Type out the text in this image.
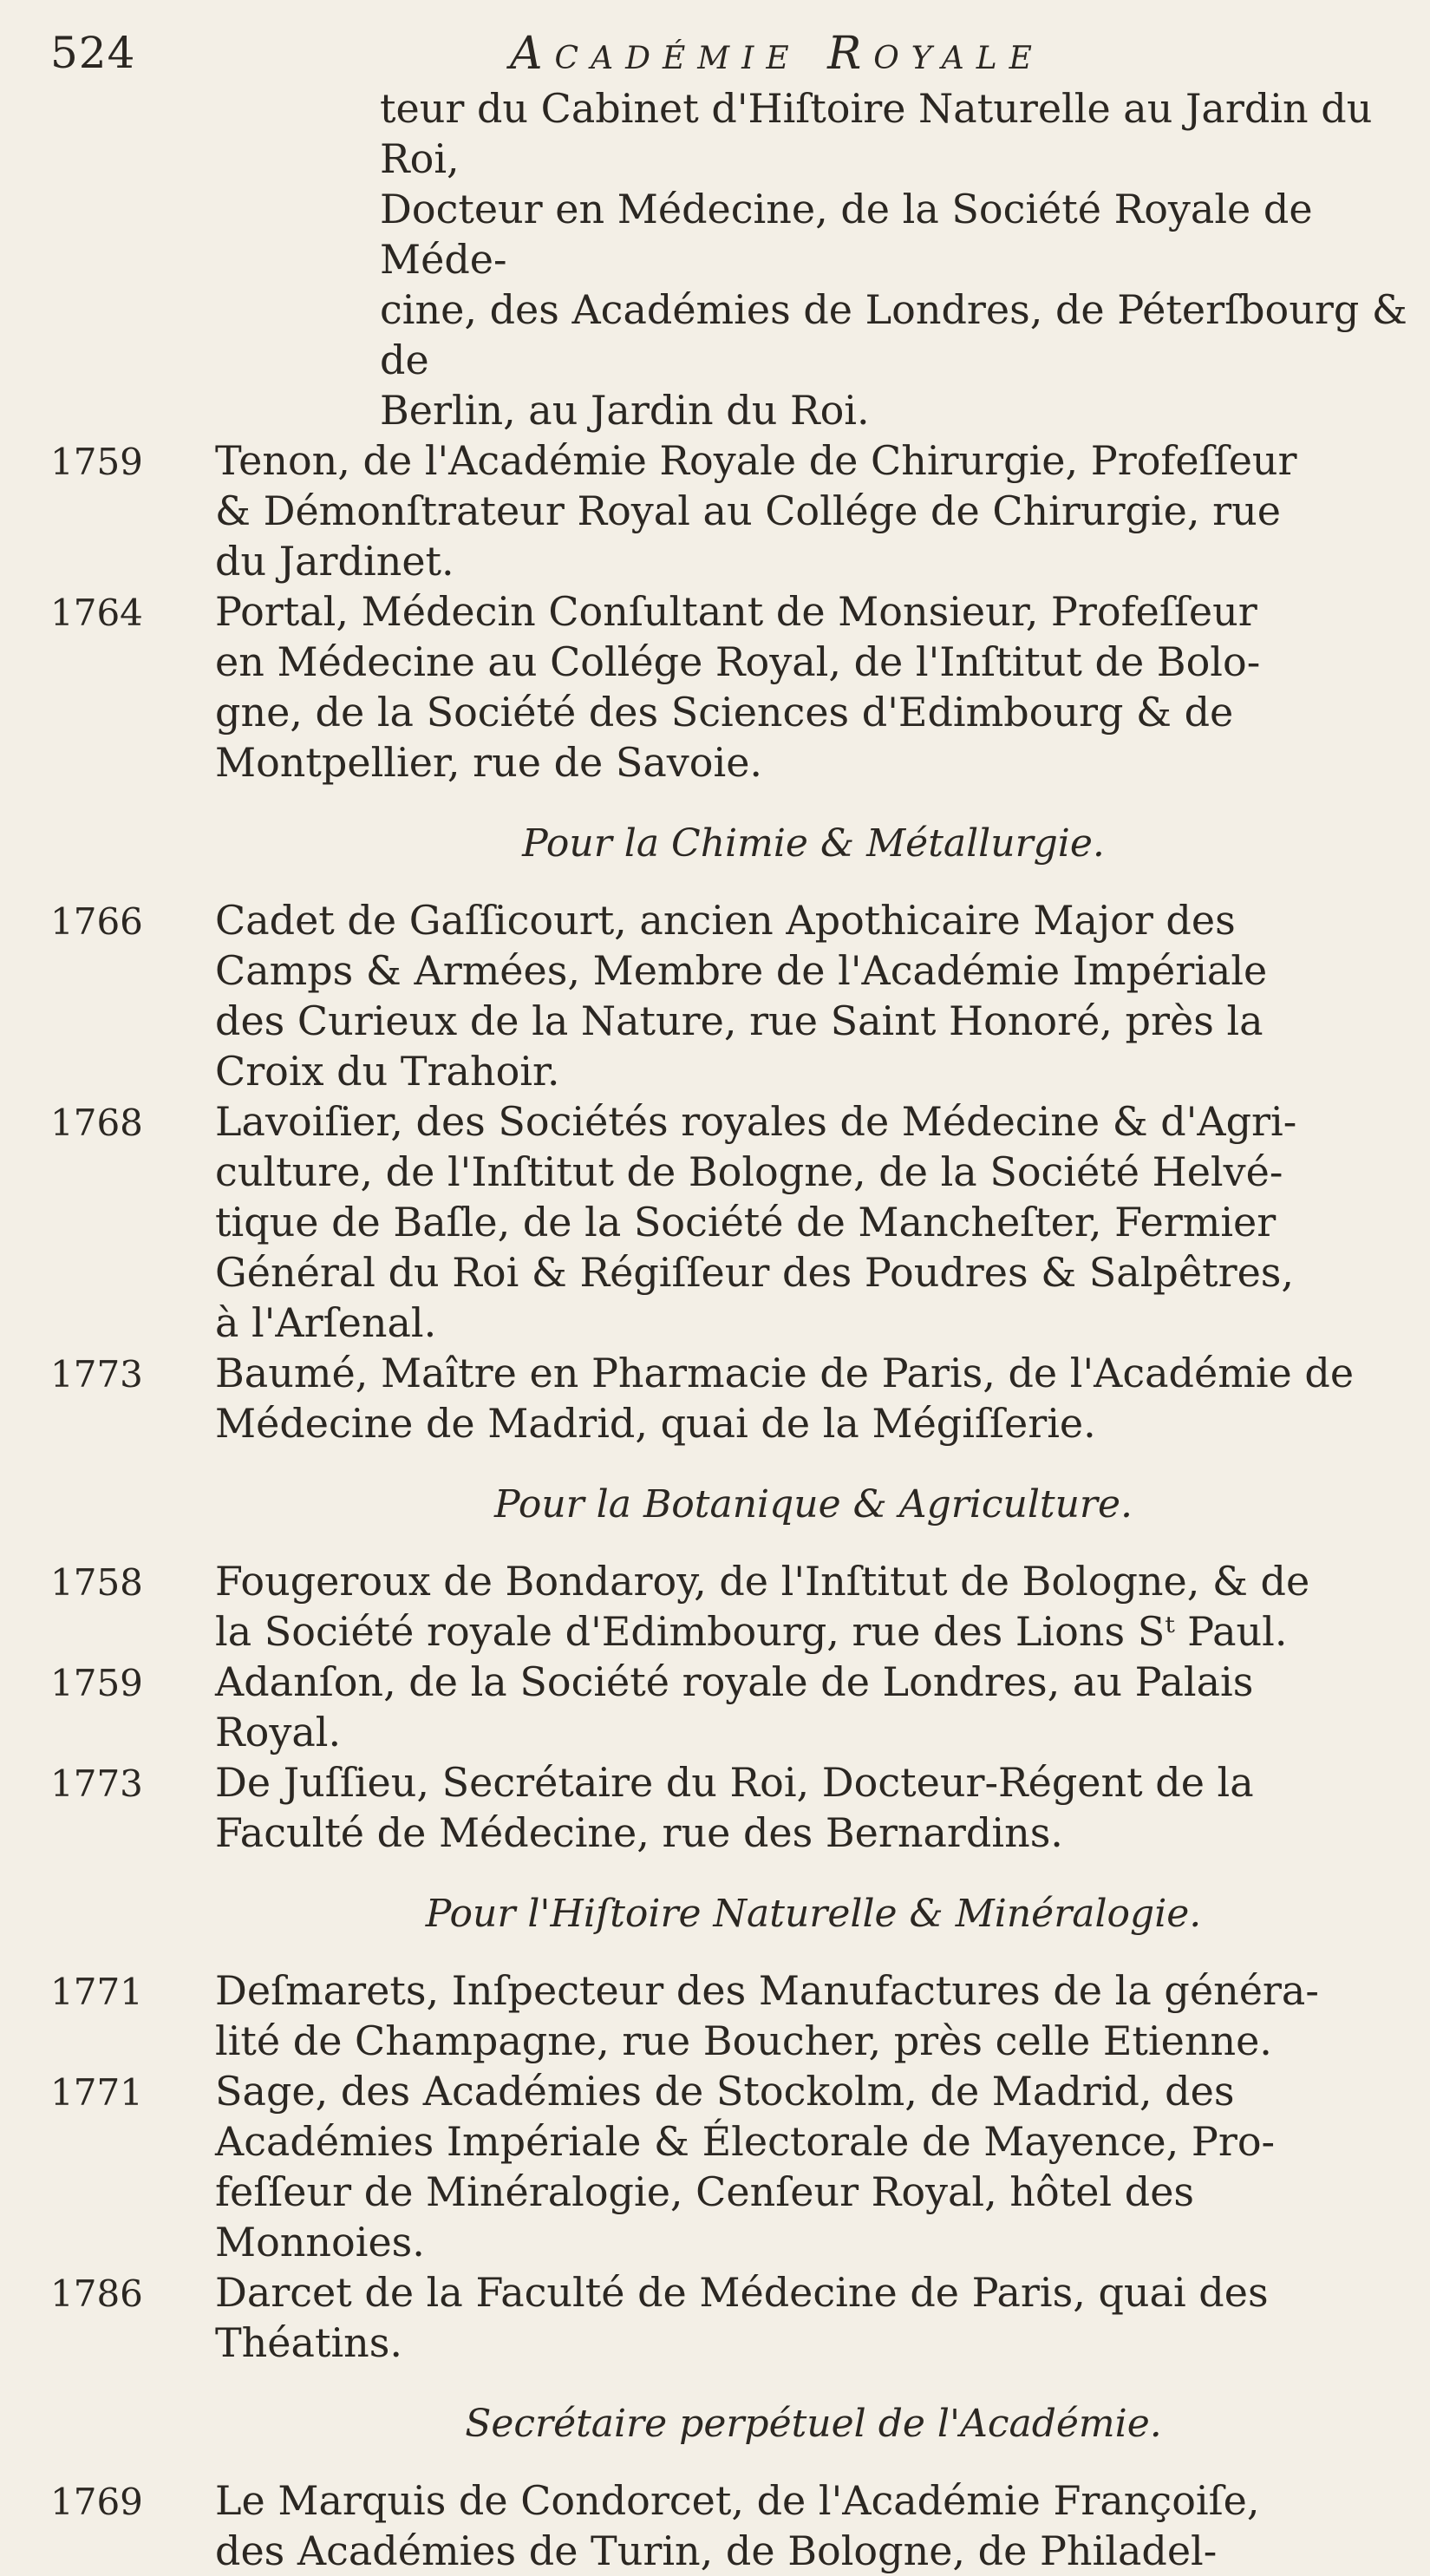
524	Académie Royale
teur du Cabinet d'Hiſtoire Naturelle au Jardin du Roi,
Docteur en Médecine, de la Société Royale de Méde-
cine, des Académies de Londres, de Péterſbourg & de
Berlin, au Jardin du Roi.
1759	Tenon, de l'Académie Royale de Chirurgie, Profeſſeur
& Démonſtrateur Royal au Collége de Chirurgie, rue
du Jardinet.
1764	Portal, Médecin Conſultant de Monsieur, Profeſſeur
en Médecine au Collége Royal, de l'Inſtitut de Bolo-
gne, de la Société des Sciences d'Edimbourg & de
Montpellier, rue de Savoie.
Pour la Chimie & Métallurgie.
1766	Cadet de Gaſſicourt, ancien Apothicaire Major des
Camps & Armées, Membre de l'Académie Impériale
des Curieux de la Nature, rue Saint Honoré, près la
Croix du Trahoir.
1768	Lavoiſier, des Sociétés royales de Médecine & d'Agri-
culture, de l'Inſtitut de Bologne, de la Société Helvé-
tique de Baſle, de la Société de Mancheſter, Fermier
Général du Roi & Régiſſeur des Poudres & Salpêtres,
à l'Arſenal.
1773	Baumé, Maître en Pharmacie de Paris, de l'Académie de
Médecine de Madrid, quai de la Mégiſſerie.
Pour la Botanique & Agriculture.
1758	Fougeroux de Bondaroy, de l'Inſtitut de Bologne, & de
la Société royale d'Edimbourg, rue des Lions Sᵗ Paul.
1759	Adanſon, de la Société royale de Londres, au Palais
Royal.
1773	De Juſſieu, Secrétaire du Roi, Docteur-Régent de la
Faculté de Médecine, rue des Bernardins.
Pour l'Hiſtoire Naturelle & Minéralogie.
1771	Deſmarets, Inſpecteur des Manufactures de la généra-
lité de Champagne, rue Boucher, près celle Etienne.
1771	Sage, des Académies de Stockolm, de Madrid, des
Académies Impériale & Électorale de Mayence, Pro-
feſſeur de Minéralogie, Cenſeur Royal, hôtel des
Monnoies.
1786	Darcet de la Faculté de Médecine de Paris, quai des
Théatins.
Secrétaire perpétuel de l'Académie.
1769	Le Marquis de Condorcet, de l'Académie Françoiſe,
des Académies de Turin, de Bologne, de Philadel-
